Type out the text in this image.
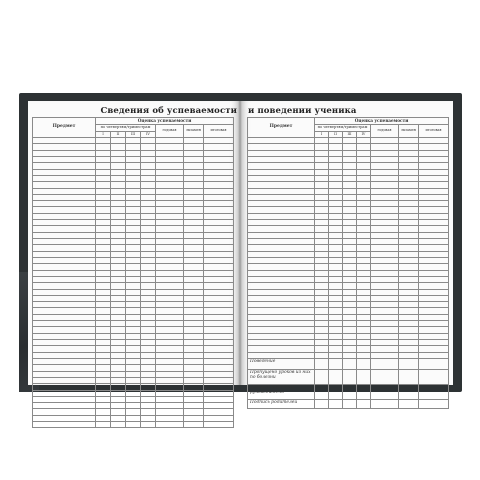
Сведения об успеваемости и поведении ученика
Предмет	Оценка успеваемости						
	по четвертям/триместрам				годовая	экзамен	итоговая
	I	II	III	IV			

Предмет	Оценка успеваемости						
	по четвертям/триместрам				годовая	экзамен	итоговая
	I	II	III	IV			

Поведение							
Пропущено уроков из них по болезни							
Подпись классного руководителя							
Подпись родителей							
